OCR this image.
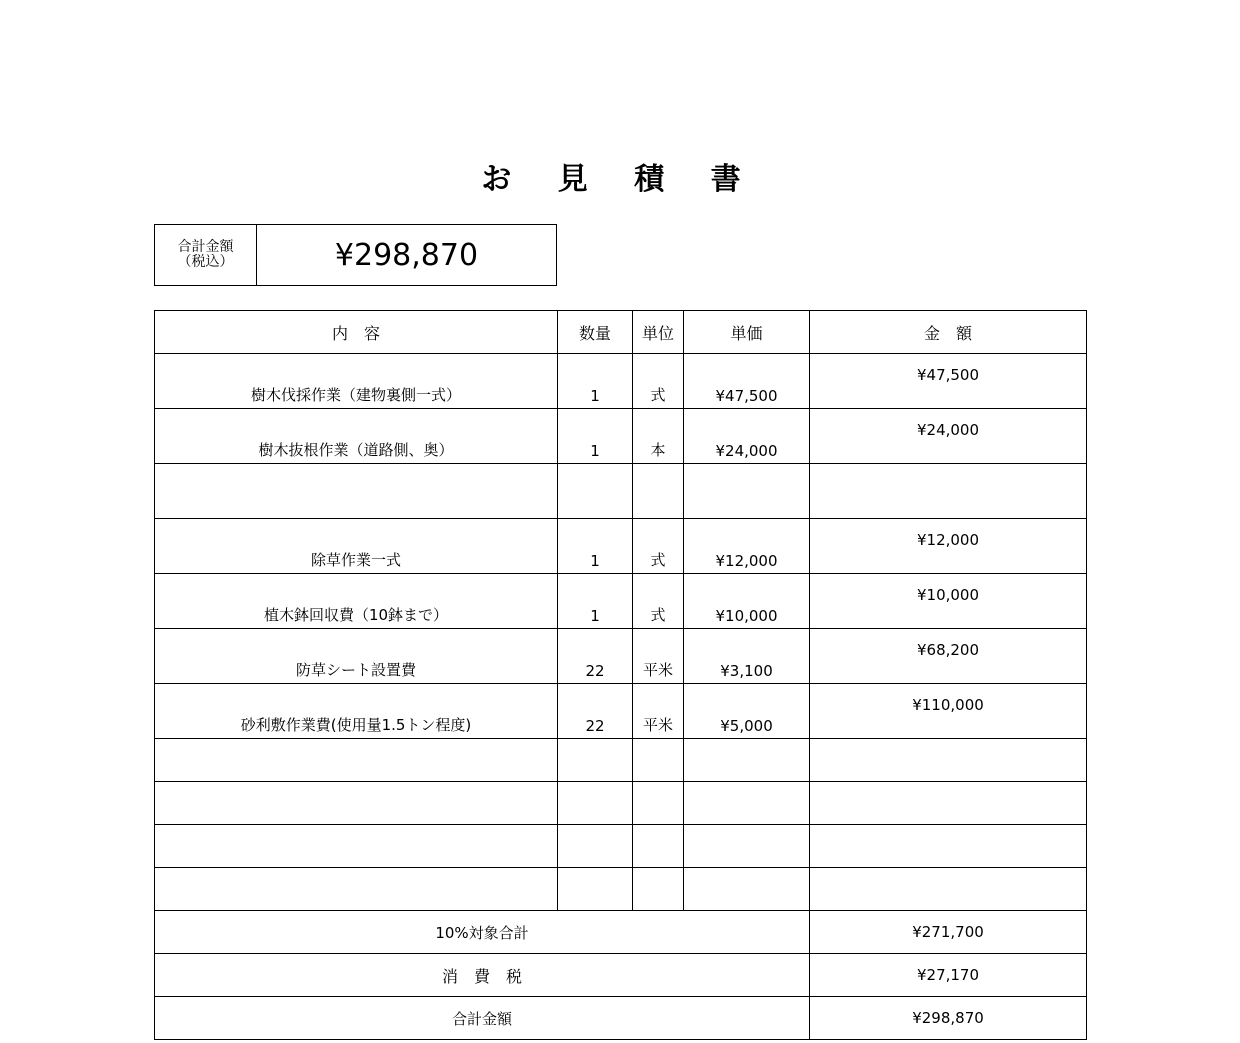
お 見 積 書
合計金額
（税込）	¥298,870
内　容	数量	単位	単価	金　額
樹木伐採作業（建物裏側一式）	1	式	¥47,500	¥47,500
樹木抜根作業（道路側、奥）	1	本	¥24,000	¥24,000

除草作業一式	1	式	¥12,000	¥12,000
植木鉢回収費（10鉢まで）	1	式	¥10,000	¥10,000
防草シート設置費	22	平米	¥3,100	¥68,200
砂利敷作業費(使用量1.5トン程度)	22	平米	¥5,000	¥110,000

10%対象合計				¥271,700
消　費　税				¥27,170
合計金額				¥298,870
